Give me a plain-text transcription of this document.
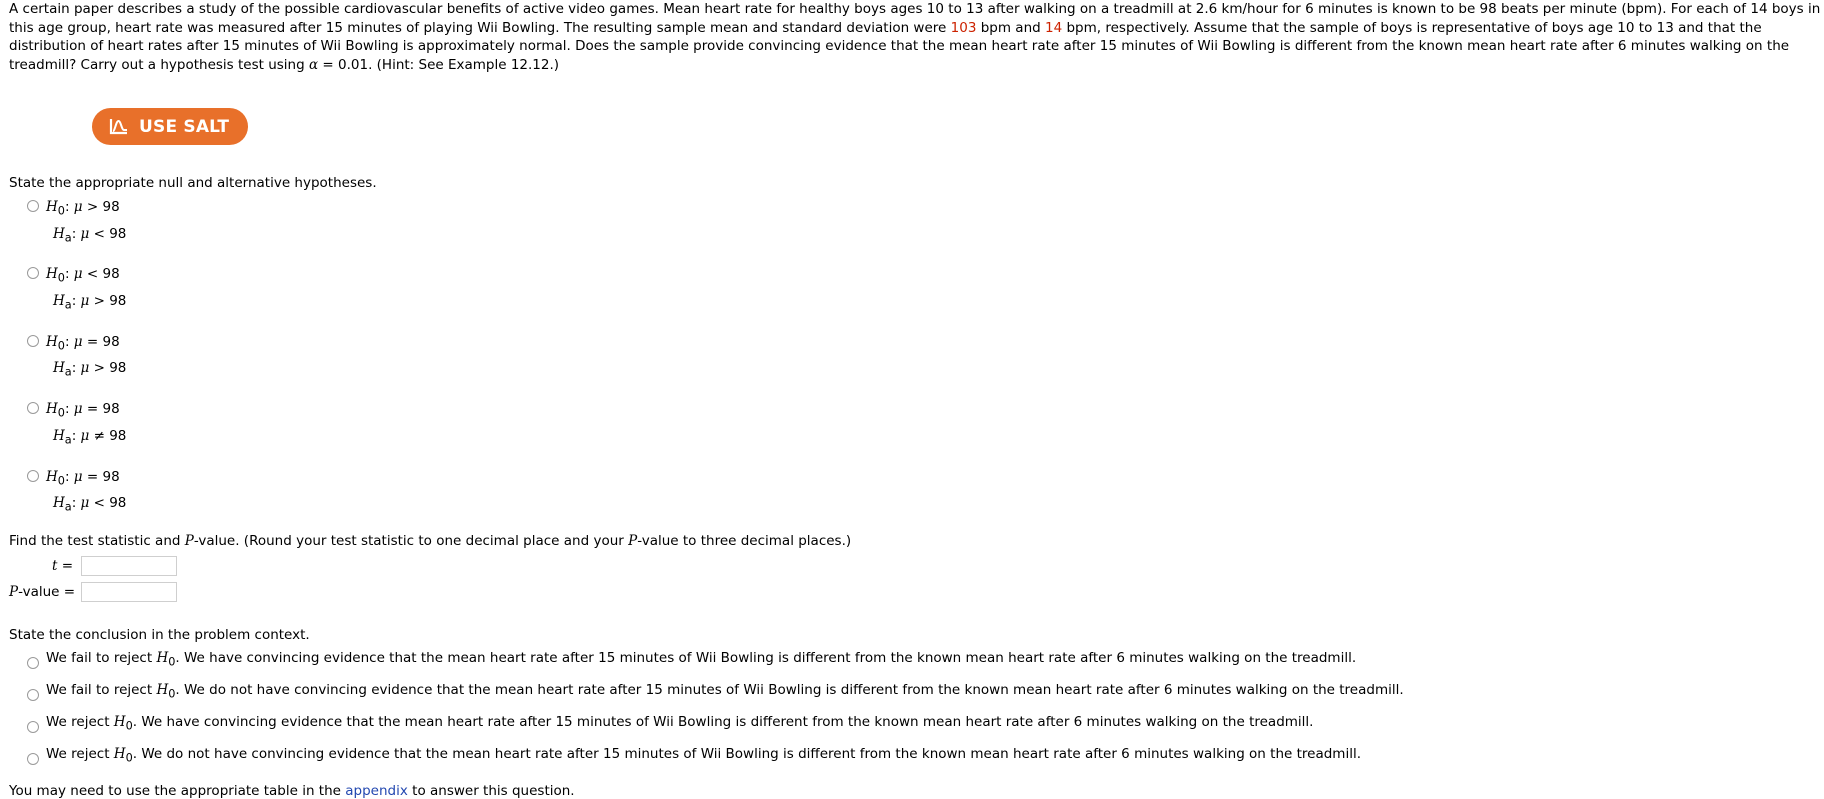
A certain paper describes a study of the possible cardiovascular benefits of active video games. Mean heart rate for healthy boys ages 10 to 13 after walking on a treadmill at 2.6 km/hour for 6 minutes is known to be 98 beats per minute (bpm). For each of 14 boys in this age group, heart rate was measured after 15 minutes of playing Wii Bowling. The resulting sample mean and standard deviation were 103 bpm and 14 bpm, respectively. Assume that the sample of boys is representative of boys age 10 to 13 and that the distribution of heart rates after 15 minutes of Wii Bowling is approximately normal. Does the sample provide convincing evidence that the mean heart rate after 15 minutes of Wii Bowling is different from the known mean heart rate after 6 minutes walking on the treadmill? Carry out a hypothesis test using α = 0.01. (Hint: See Example 12.12.)

USE SALT

State the appropriate null and alternative hypotheses.

$H_0$: μ > 98
$H_a$: μ < 98
$H_0$: μ < 98
$H_a$: μ > 98
$H_0$: μ = 98
$H_a$: μ > 98
$H_0$: μ = 98
$H_a$: μ ≠ 98
$H_0$: μ = 98
$H_a$: μ < 98

Find the test statistic and P-value. (Round your test statistic to one decimal place and your P-value to three decimal places.)

t =
P-value =

State the conclusion in the problem context.

We fail to reject $H_0$. We have convincing evidence that the mean heart rate after 15 minutes of Wii Bowling is different from the known mean heart rate after 6 minutes walking on the treadmill.
We fail to reject $H_0$. We do not have convincing evidence that the mean heart rate after 15 minutes of Wii Bowling is different from the known mean heart rate after 6 minutes walking on the treadmill.
We reject $H_0$. We have convincing evidence that the mean heart rate after 15 minutes of Wii Bowling is different from the known mean heart rate after 6 minutes walking on the treadmill.
We reject $H_0$. We do not have convincing evidence that the mean heart rate after 15 minutes of Wii Bowling is different from the known mean heart rate after 6 minutes walking on the treadmill.

You may need to use the appropriate table in the appendix to answer this question.
